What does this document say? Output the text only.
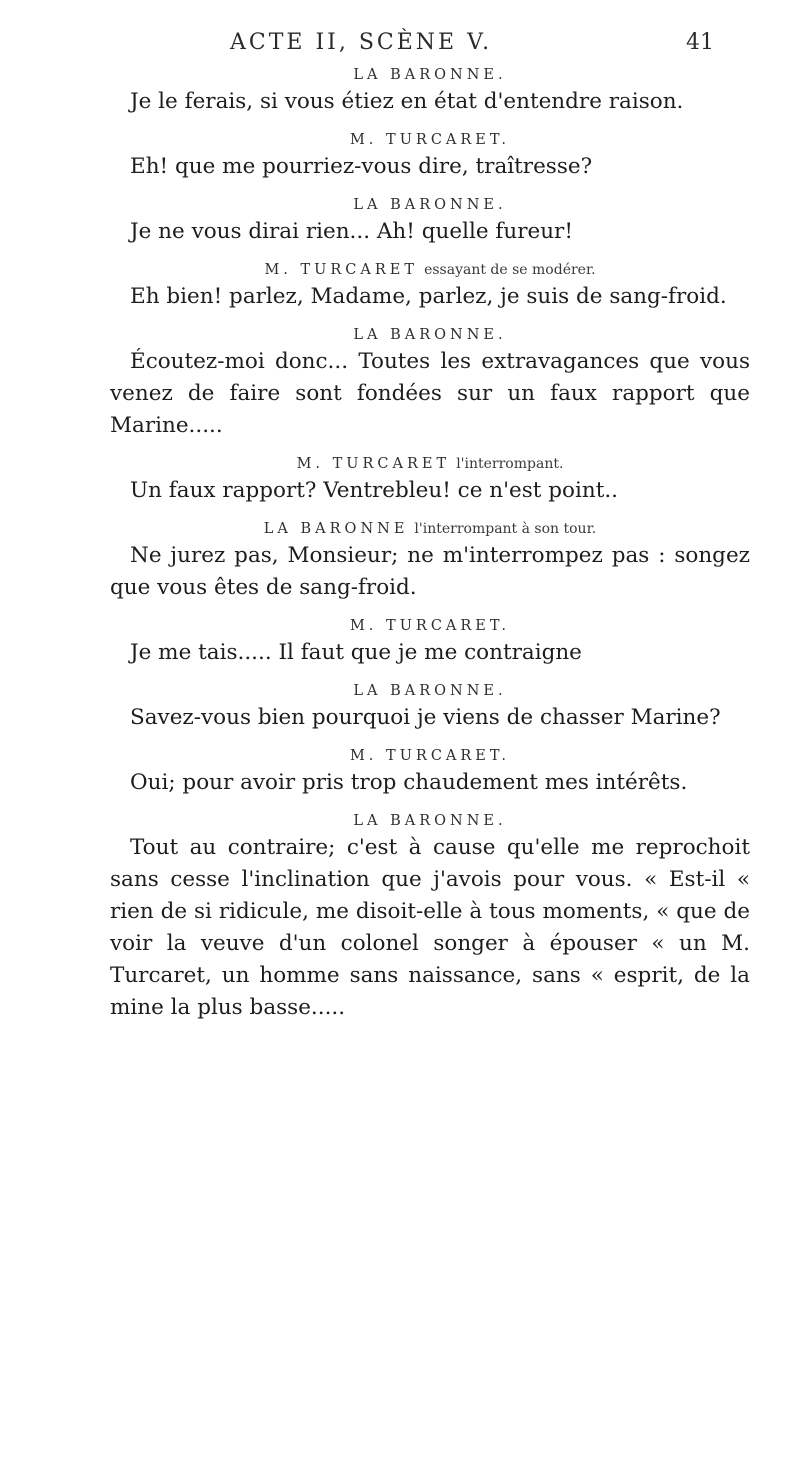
ACTE II, SCÈNE V.	41
LA BARONNE.

Je le ferais, si vous étiez en état d'entendre raison.

M. TURCARET.

Eh! que me pourriez-vous dire, traîtresse?

LA BARONNE.

Je ne vous dirai rien... Ah! quelle fureur!

M. TURCARET essayant de se modérer.

Eh bien! parlez, Madame, parlez, je suis de sang-froid.

LA BARONNE.

Écoutez-moi donc... Toutes les extravagances que vous venez de faire sont fondées sur un faux rapport que Marine.....

M. TURCARET l'interrompant.

Un faux rapport? Ventrebleu! ce n'est point..

LA BARONNE l'interrompant à son tour.

Ne jurez pas, Monsieur; ne m'interrompez pas : songez que vous êtes de sang-froid.

M. TURCARET.

Je me tais..... Il faut que je me contraigne

LA BARONNE.

Savez-vous bien pourquoi je viens de chasser Marine?

M. TURCARET.

Oui; pour avoir pris trop chaudement mes intérêts.

LA BARONNE.

Tout au contraire; c'est à cause qu'elle me reprochoit sans cesse l'inclination que j'avois pour vous. « Est-il « rien de si ridicule, me disoit-elle à tous moments, « que de voir la veuve d'un colonel songer à épouser « un M. Turcaret, un homme sans naissance, sans « esprit, de la mine la plus basse.....
